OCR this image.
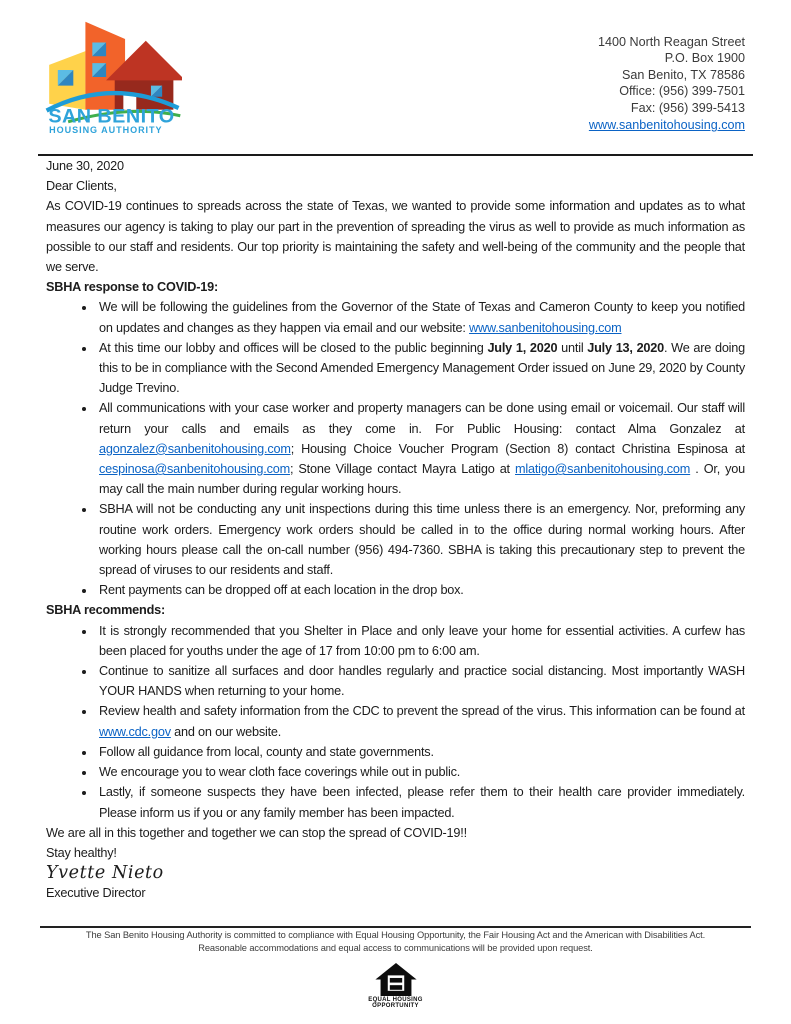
SAN BENITO
HOUSING AUTHORITY
1400 North Reagan Street
P.O. Box 1900
San Benito, TX 78586
Office: (956) 399-7501
Fax: (956) 399-5413
www.sanbenitohousing.com

June 30, 2020

Dear Clients,

As COVID-19 continues to spreads across the state of Texas, we wanted to provide some information and updates as to what measures our agency is taking to play our part in the prevention of spreading the virus as well to provide as much information as possible to our staff and residents. Our top priority is maintaining the safety and well-being of the community and the people that we serve.

SBHA response to COVID-19:

• We will be following the guidelines from the Governor of the State of Texas and Cameron County to keep you notified on updates and changes as they happen via email and our website: www.sanbenitohousing.com
• At this time our lobby and offices will be closed to the public beginning July 1, 2020 until July 13, 2020. We are doing this to be in compliance with the Second Amended Emergency Management Order issued on June 29, 2020 by County Judge Trevino.
• All communications with your case worker and property managers can be done using email or voicemail. Our staff will return your calls and emails as they come in. For Public Housing: contact Alma Gonzalez at agonzalez@sanbenitohousing.com; Housing Choice Voucher Program (Section 8) contact Christina Espinosa at cespinosa@sanbenitohousing.com; Stone Village contact Mayra Latigo at mlatigo@sanbenitohousing.com . Or, you may call the main number during regular working hours.
• SBHA will not be conducting any unit inspections during this time unless there is an emergency. Nor, preforming any routine work orders. Emergency work orders should be called in to the office during normal working hours. After working hours please call the on-call number (956) 494-7360. SBHA is taking this precautionary step to prevent the spread of viruses to our residents and staff.
• Rent payments can be dropped off at each location in the drop box.

SBHA recommends:

• It is strongly recommended that you Shelter in Place and only leave your home for essential activities. A curfew has been placed for youths under the age of 17 from 10:00 pm to 6:00 am.
• Continue to sanitize all surfaces and door handles regularly and practice social distancing. Most importantly WASH YOUR HANDS when returning to your home.
• Review health and safety information from the CDC to prevent the spread of the virus. This information can be found at www.cdc.gov and on our website.
• Follow all guidance from local, county and state governments.
• We encourage you to wear cloth face coverings while out in public.
• Lastly, if someone suspects they have been infected, please refer them to their health care provider immediately. Please inform us if you or any family member has been impacted.

We are all in this together and together we can stop the spread of COVID-19!!

Stay healthy!

Yvette Nieto

Executive Director

The San Benito Housing Authority is committed to compliance with Equal Housing Opportunity, the Fair Housing Act and the American with Disabilities Act.

Reasonable accommodations and equal access to communications will be provided upon request.

EQUAL HOUSING
OPPORTUNITY
